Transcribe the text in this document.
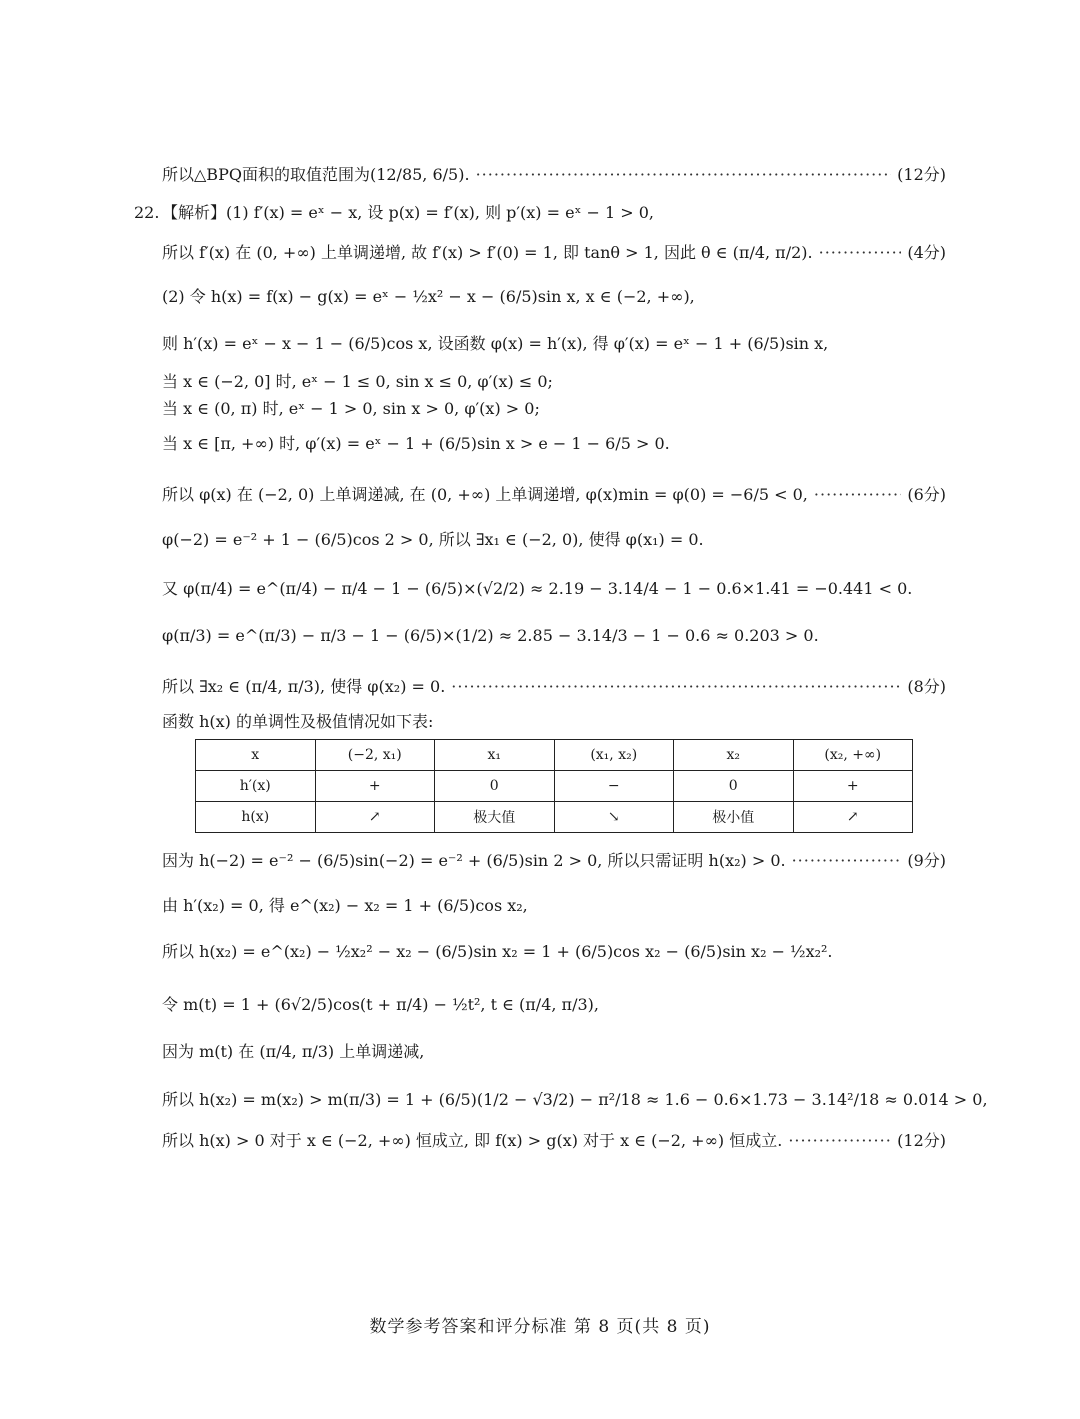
所以△BPQ面积的取值范围为(12/85, 6/5). ·····	(12分)
22. 【解析】(1) f′(x) = eˣ − x, 设 p(x) = f′(x), 则 p′(x) = eˣ − 1 > 0,
所以 f′(x) 在 (0, +∞) 上单调递增, 故 f′(x) > f′(0) = 1, 即 tanθ > 1, 因此 θ ∈ (π/4, π/2). ·····	(4分)
(2) 令 h(x) = f(x) − g(x) = eˣ − ½x² − x − (6/5)sin x, x ∈ (−2, +∞),
则 h′(x) = eˣ − x − 1 − (6/5)cos x, 设函数 φ(x) = h′(x), 得 φ′(x) = eˣ − 1 + (6/5)sin x,
当 x ∈ (−2, 0] 时, eˣ − 1 ≤ 0, sin x ≤ 0, φ′(x) ≤ 0;
当 x ∈ (0, π) 时, eˣ − 1 > 0, sin x > 0, φ′(x) > 0;
当 x ∈ [π, +∞) 时, φ′(x) = eˣ − 1 + (6/5)sin x > e − 1 − 6/5 > 0.
所以 φ(x) 在 (−2, 0) 上单调递减, 在 (0, +∞) 上单调递增, φ(x)min = φ(0) = −6/5 < 0, ·····	(6分)
φ(−2) = e⁻² + 1 − (6/5)cos 2 > 0, 所以 ∃x₁ ∈ (−2, 0), 使得 φ(x₁) = 0.
又 φ(π/4) = e^(π/4) − π/4 − 1 − (6/5)×(√2/2) ≈ 2.19 − 3.14/4 − 1 − 0.6×1.41 = −0.441 < 0.
φ(π/3) = e^(π/3) − π/3 − 1 − (6/5)×(1/2) ≈ 2.85 − 3.14/3 − 1 − 0.6 ≈ 0.203 > 0.
所以 ∃x₂ ∈ (π/4, π/3), 使得 φ(x₂) = 0. ·····	(8分)
函数 h(x) 的单调性及极值情况如下表:
x	(−2, x₁)	x₁	(x₁, x₂)	x₂	(x₂, +∞)
h′(x)	+	0	−	0	+
h(x)	↗	极大值	↘	极小值	↗
因为 h(−2) = e⁻² − (6/5)sin(−2) = e⁻² + (6/5)sin 2 > 0, 所以只需证明 h(x₂) > 0. ·····	(9分)
由 h′(x₂) = 0, 得 e^(x₂) − x₂ = 1 + (6/5)cos x₂,
所以 h(x₂) = e^(x₂) − ½x₂² − x₂ − (6/5)sin x₂ = 1 + (6/5)cos x₂ − (6/5)sin x₂ − ½x₂².
令 m(t) = 1 + (6√2/5)cos(t + π/4) − ½t², t ∈ (π/4, π/3),
因为 m(t) 在 (π/4, π/3) 上单调递减,
所以 h(x₂) = m(x₂) > m(π/3) = 1 + (6/5)(1/2 − √3/2) − π²/18 ≈ 1.6 − 0.6×1.73 − 3.14²/18 ≈ 0.014 > 0,
所以 h(x) > 0 对于 x ∈ (−2, +∞) 恒成立, 即 f(x) > g(x) 对于 x ∈ (−2, +∞) 恒成立. ·····	(12分)
数学参考答案和评分标准 第 8 页(共 8 页)
